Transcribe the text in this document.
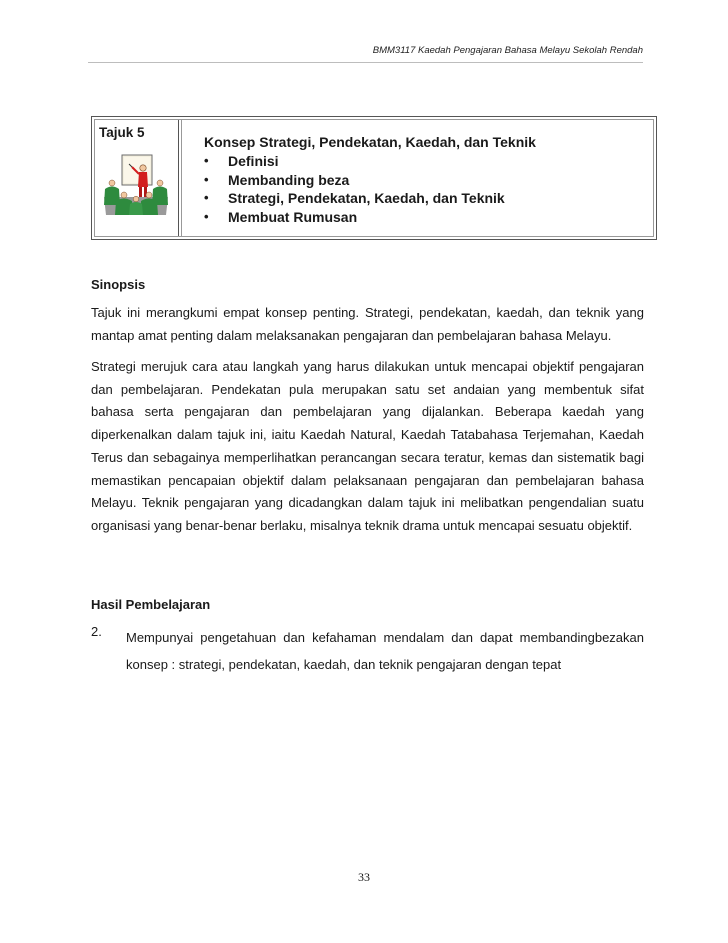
BMM3117 Kaedah Pengajaran Bahasa Melayu Sekolah Rendah
Tajuk 5
Konsep Strategi, Pendekatan, Kaedah, dan Teknik
• Definisi
• Membanding beza
• Strategi, Pendekatan, Kaedah, dan Teknik
• Membuat Rumusan
Sinopsis

Tajuk ini merangkumi empat konsep penting. Strategi, pendekatan, kaedah, dan teknik yang mantap amat penting dalam melaksanakan pengajaran dan pembelajaran bahasa Melayu.

Strategi merujuk cara atau langkah yang harus dilakukan untuk mencapai objektif pengajaran dan pembelajaran. Pendekatan pula merupakan satu set andaian yang membentuk sifat bahasa serta pengajaran dan pembelajaran yang dijalankan. Beberapa kaedah yang diperkenalkan dalam tajuk ini, iaitu Kaedah Natural, Kaedah Tatabahasa Terjemahan, Kaedah Terus dan sebagainya memperlihatkan perancangan secara teratur, kemas dan sistematik bagi memastikan pencapaian objektif dalam pelaksanaan pengajaran dan pembelajaran bahasa Melayu. Teknik pengajaran yang dicadangkan dalam tajuk ini melibatkan pengendalian suatu organisasi yang benar-benar berlaku, misalnya teknik drama untuk mencapai sesuatu objektif.

Hasil Pembelajaran
2. Mempunyai pengetahuan dan kefahaman mendalam dan dapat membandingbezakan konsep : strategi, pendekatan, kaedah, dan teknik pengajaran dengan tepat
33
